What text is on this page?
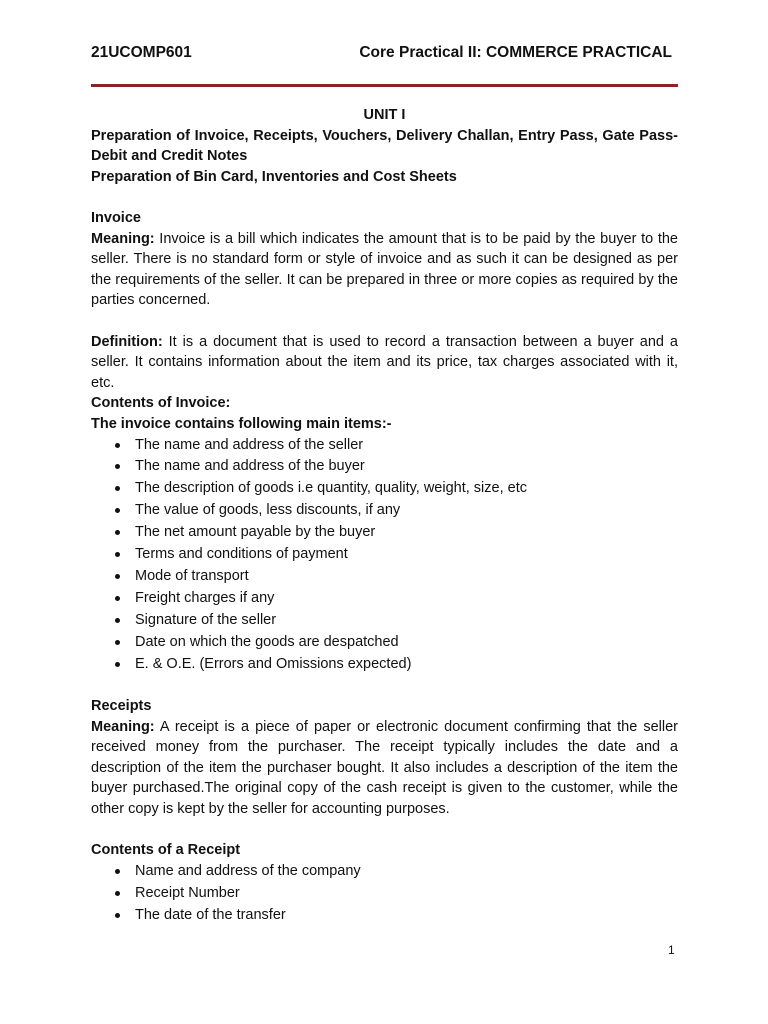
21UCOMP601	Core Practical II: COMMERCE PRACTICAL
UNIT I
Preparation of Invoice, Receipts, Vouchers, Delivery Challan, Entry Pass, Gate Pass-Debit and Credit Notes
Preparation of Bin Card, Inventories and Cost Sheets
Invoice
Meaning: Invoice is a bill which indicates the amount that is to be paid by the buyer to the seller. There is no standard form or style of invoice and as such it can be designed as per the requirements of the seller. It can be prepared in three or more copies as required by the parties concerned.
Definition: It is a document that is used to record a transaction between a buyer and a seller. It contains information about the item and its price, tax charges associated with it, etc.
Contents of Invoice:
The invoice contains following main items:-
The name and address of the seller
The name and address of the buyer
The description of goods i.e quantity, quality, weight, size, etc
The value of goods, less discounts, if any
The net amount payable by the buyer
Terms and conditions of payment
Mode of transport
Freight charges if any
Signature of the seller
Date on which the goods are despatched
E. & O.E. (Errors and Omissions expected)
Receipts
Meaning: A receipt is a piece of paper or electronic document confirming that the seller received money from the purchaser. The receipt typically includes the date and a description of the item the purchaser bought. It also includes a description of the item the buyer purchased.The original copy of the cash receipt is given to the customer, while the other copy is kept by the seller for accounting purposes.
Contents of a Receipt
Name and address of the company
Receipt Number
The date of the transfer
1
